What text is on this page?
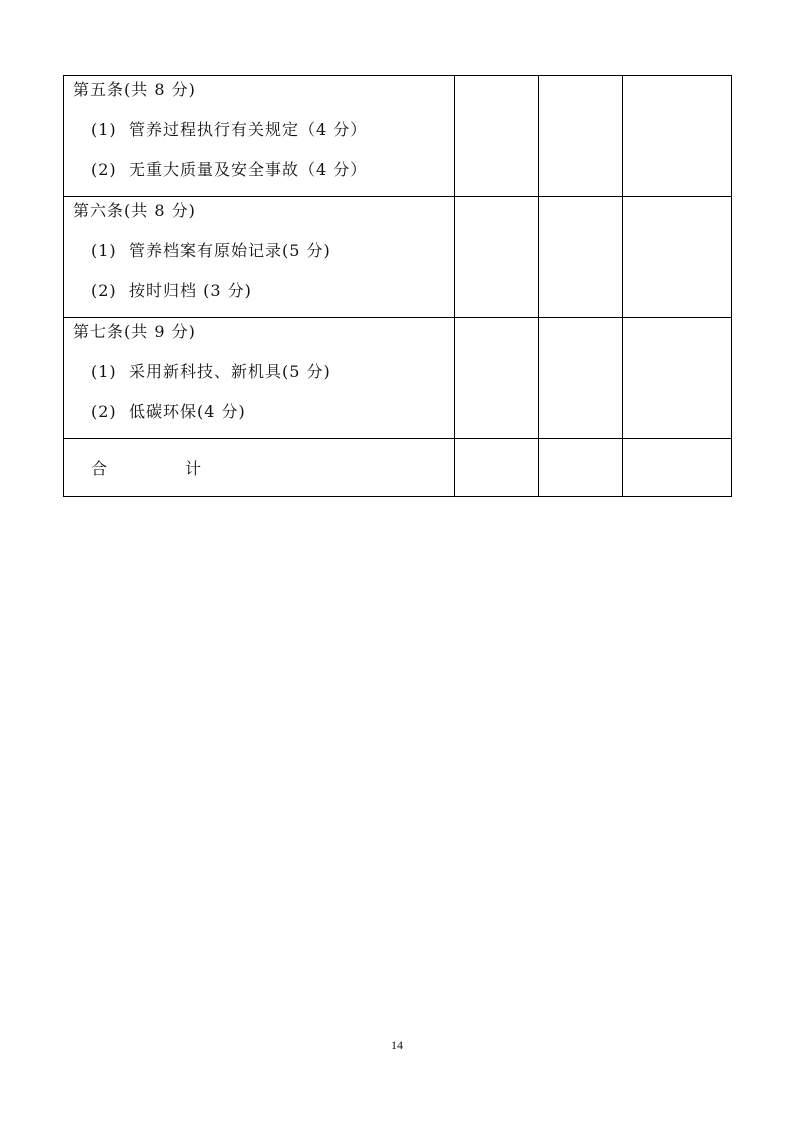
第五条(共 8 分)
(1) 管养过程执行有关规定（4 分）
(2) 无重大质量及安全事故（4 分）			

第六条(共 8 分)
(1) 管养档案有原始记录(5 分)
(2) 按时归档 (3 分)			

第七条(共 9 分)
(1) 采用新科技、新机具(5 分)
(2) 低碳环保(4 分)			

合 计			
14
